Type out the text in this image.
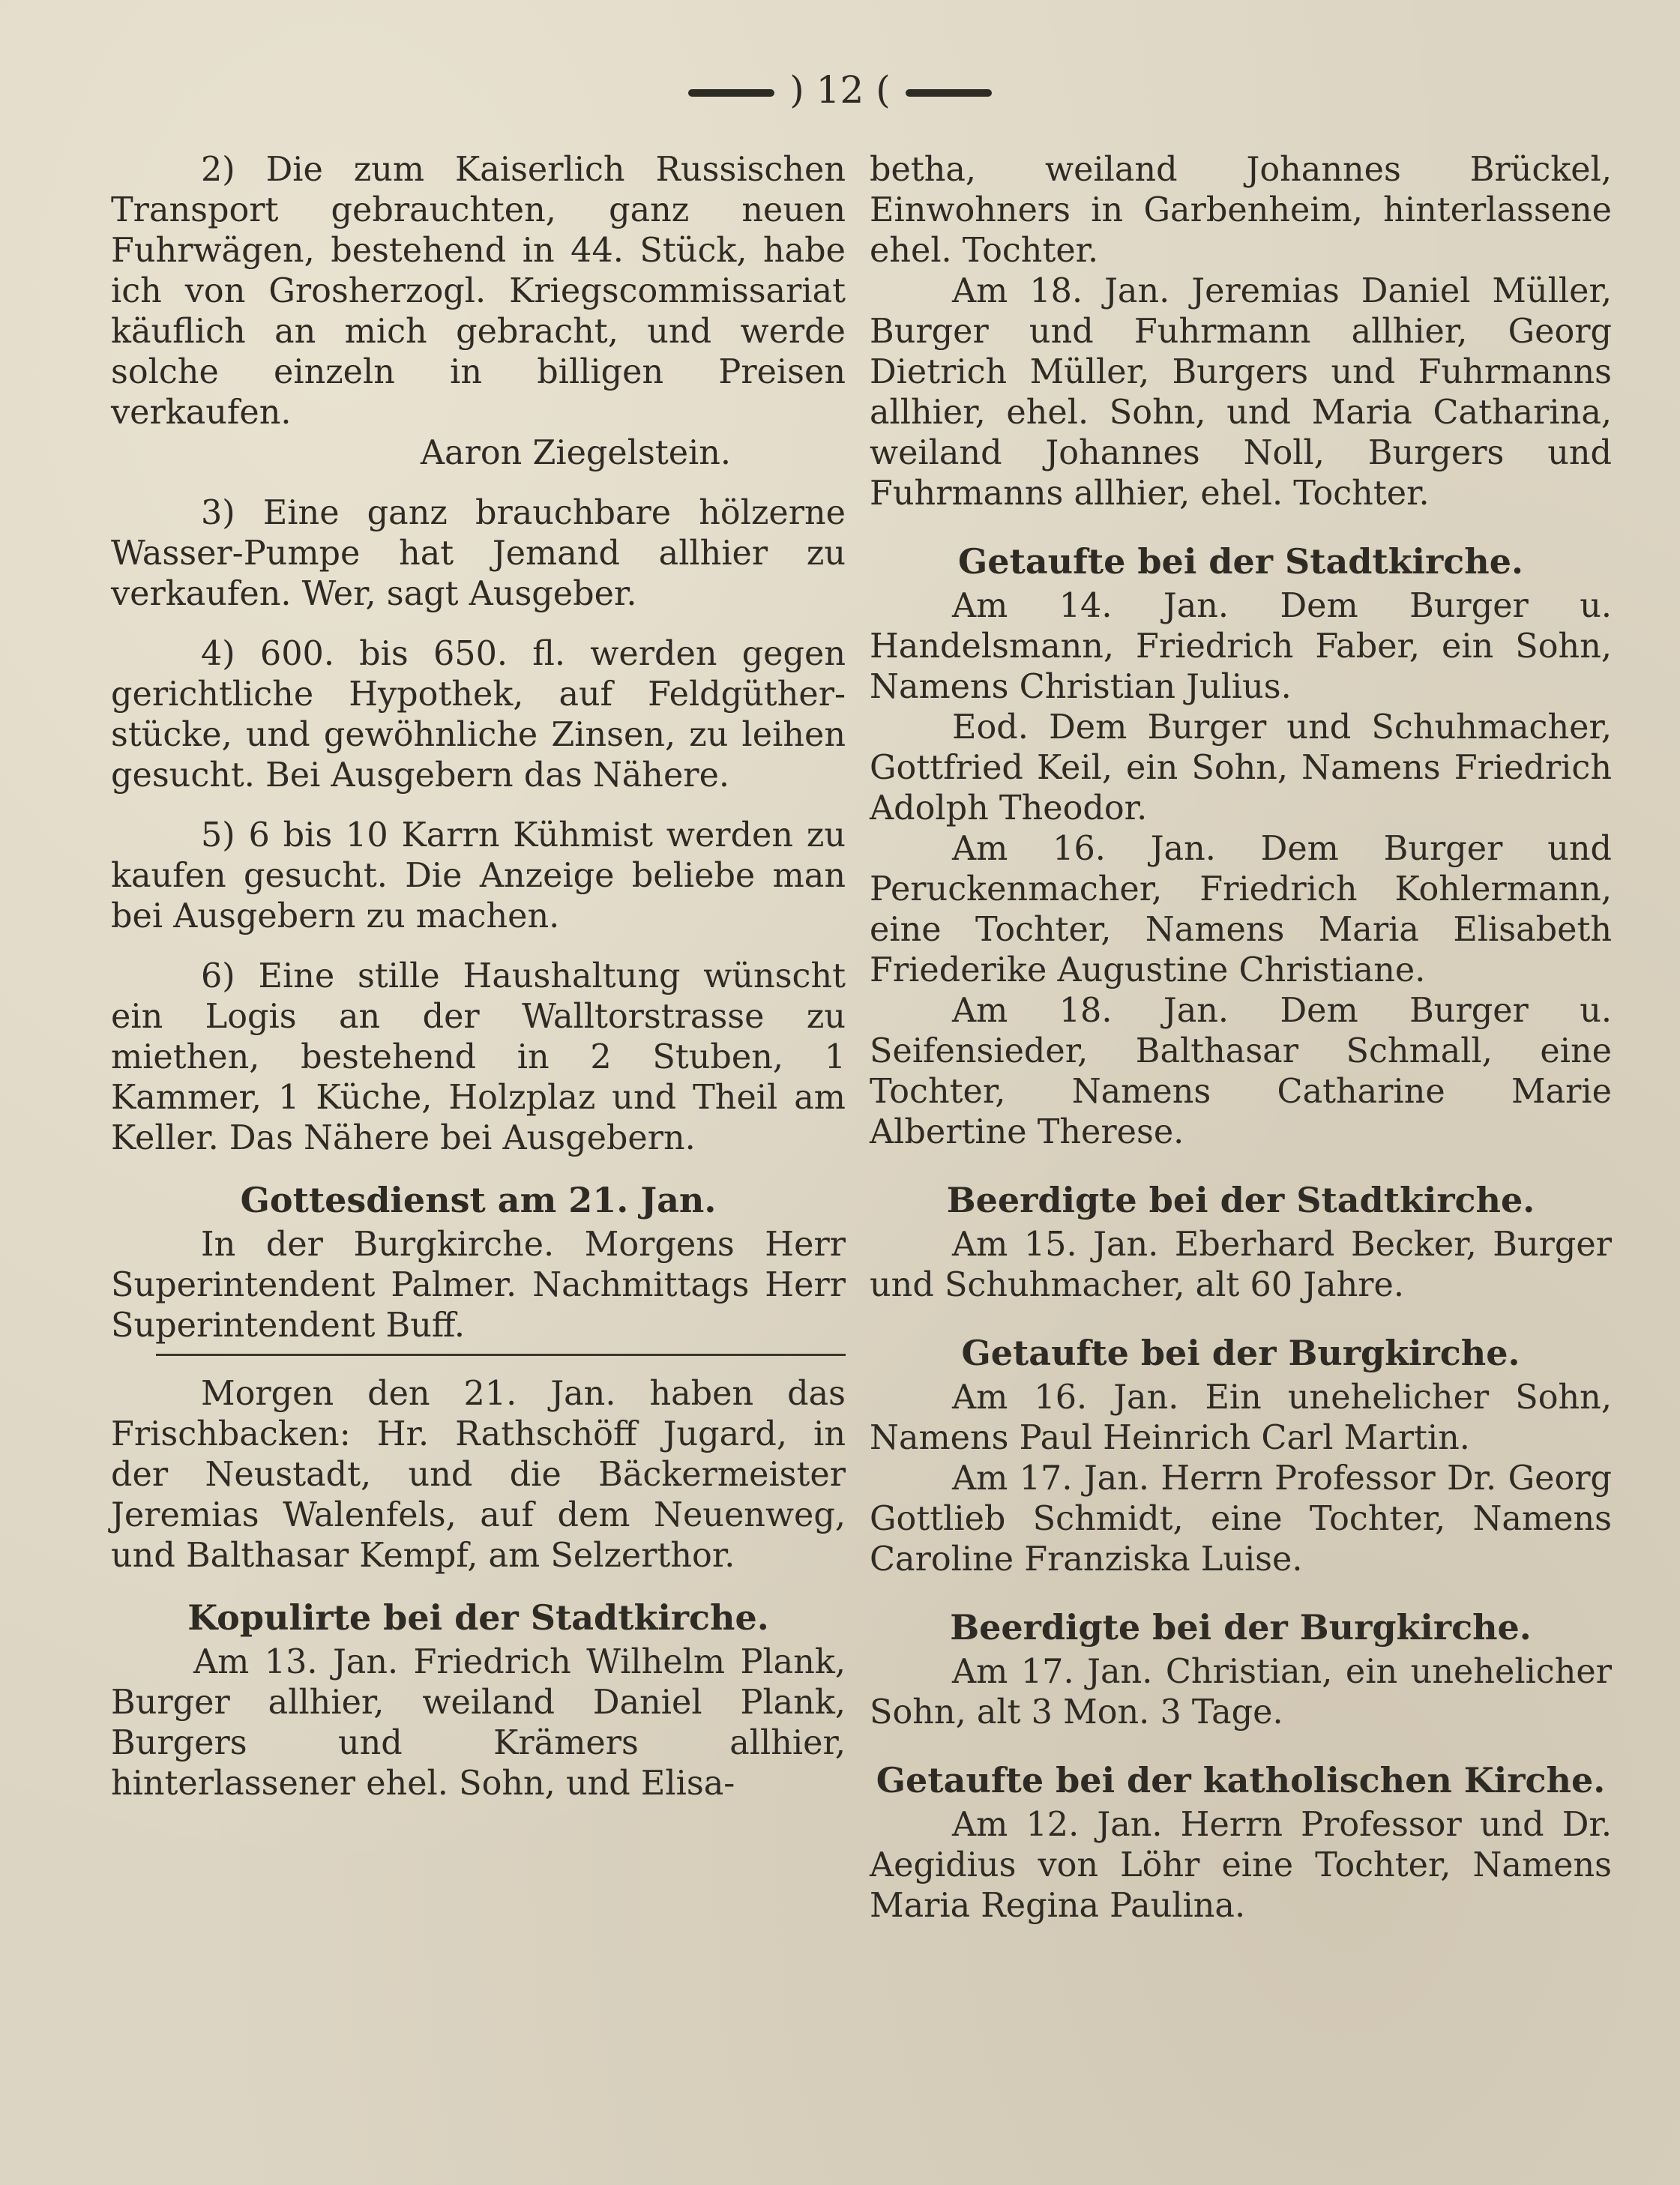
) 12 (

2) Die zum Kaiserlich Russischen Transport gebrauchten, ganz neuen Fuhrwägen, bestehend in 44. Stück, habe ich von Grosherzogl. Kriegscommissariat käuflich an mich gebracht, und werde solche einzeln in billigen Preisen verkaufen.

Aaron Ziegelstein.

3) Eine ganz brauchbare hölzerne Wasser-Pumpe hat Jemand allhier zu verkaufen. Wer, sagt Ausgeber.

4) 600. bis 650. fl. werden gegen gerichtliche Hypothek, auf Feldgüther-stücke, und gewöhnliche Zinsen, zu leihen gesucht. Bei Ausgebern das Nähere.

5) 6 bis 10 Karrn Kühmist werden zu kaufen gesucht. Die Anzeige beliebe man bei Ausgebern zu machen.

6) Eine stille Haushaltung wünscht ein Logis an der Walltorstrasse zu miethen, bestehend in 2 Stuben, 1 Kammer, 1 Küche, Holzplaz und Theil am Keller. Das Nähere bei Ausgebern.

Gottesdienst am 21. Jan.

In der Burgkirche. Morgens Herr Superintendent Palmer. Nachmittags Herr Superintendent Buff.

Morgen den 21. Jan. haben das Frischbacken: Hr. Rathschöff Jugard, in der Neustadt, und die Bäckermeister Jeremias Walenfels, auf dem Neuenweg, und Balthasar Kempf, am Selzerthor.

Kopulirte bei der Stadtkirche.

Am 13. Jan. Friedrich Wilhelm Plank, Burger allhier, weiland Daniel Plank, Burgers und Krämers allhier, hinterlassener ehel. Sohn, und Elisa-

betha, weiland Johannes Brückel, Einwohners in Garbenheim, hinterlassene ehel. Tochter.

Am 18. Jan. Jeremias Daniel Müller, Burger und Fuhrmann allhier, Georg Dietrich Müller, Burgers und Fuhrmanns allhier, ehel. Sohn, und Maria Catharina, weiland Johannes Noll, Burgers und Fuhrmanns allhier, ehel. Tochter.

Getaufte bei der Stadtkirche.

Am 14. Jan. Dem Burger u. Handelsmann, Friedrich Faber, ein Sohn, Namens Christian Julius.

Eod. Dem Burger und Schuhmacher, Gottfried Keil, ein Sohn, Namens Friedrich Adolph Theodor.

Am 16. Jan. Dem Burger und Peruckenmacher, Friedrich Kohlermann, eine Tochter, Namens Maria Elisabeth Friederike Augustine Christiane.

Am 18. Jan. Dem Burger u. Seifensieder, Balthasar Schmall, eine Tochter, Namens Catharine Marie Albertine Therese.

Beerdigte bei der Stadtkirche.

Am 15. Jan. Eberhard Becker, Burger und Schuhmacher, alt 60 Jahre.

Getaufte bei der Burgkirche.

Am 16. Jan. Ein unehelicher Sohn, Namens Paul Heinrich Carl Martin.

Am 17. Jan. Herrn Professor Dr. Georg Gottlieb Schmidt, eine Tochter, Namens Caroline Franziska Luise.

Beerdigte bei der Burgkirche.

Am 17. Jan. Christian, ein unehelicher Sohn, alt 3 Mon. 3 Tage.

Getaufte bei der katholischen Kirche.

Am 12. Jan. Herrn Professor und Dr. Aegidius von Löhr eine Tochter, Namens Maria Regina Paulina.
